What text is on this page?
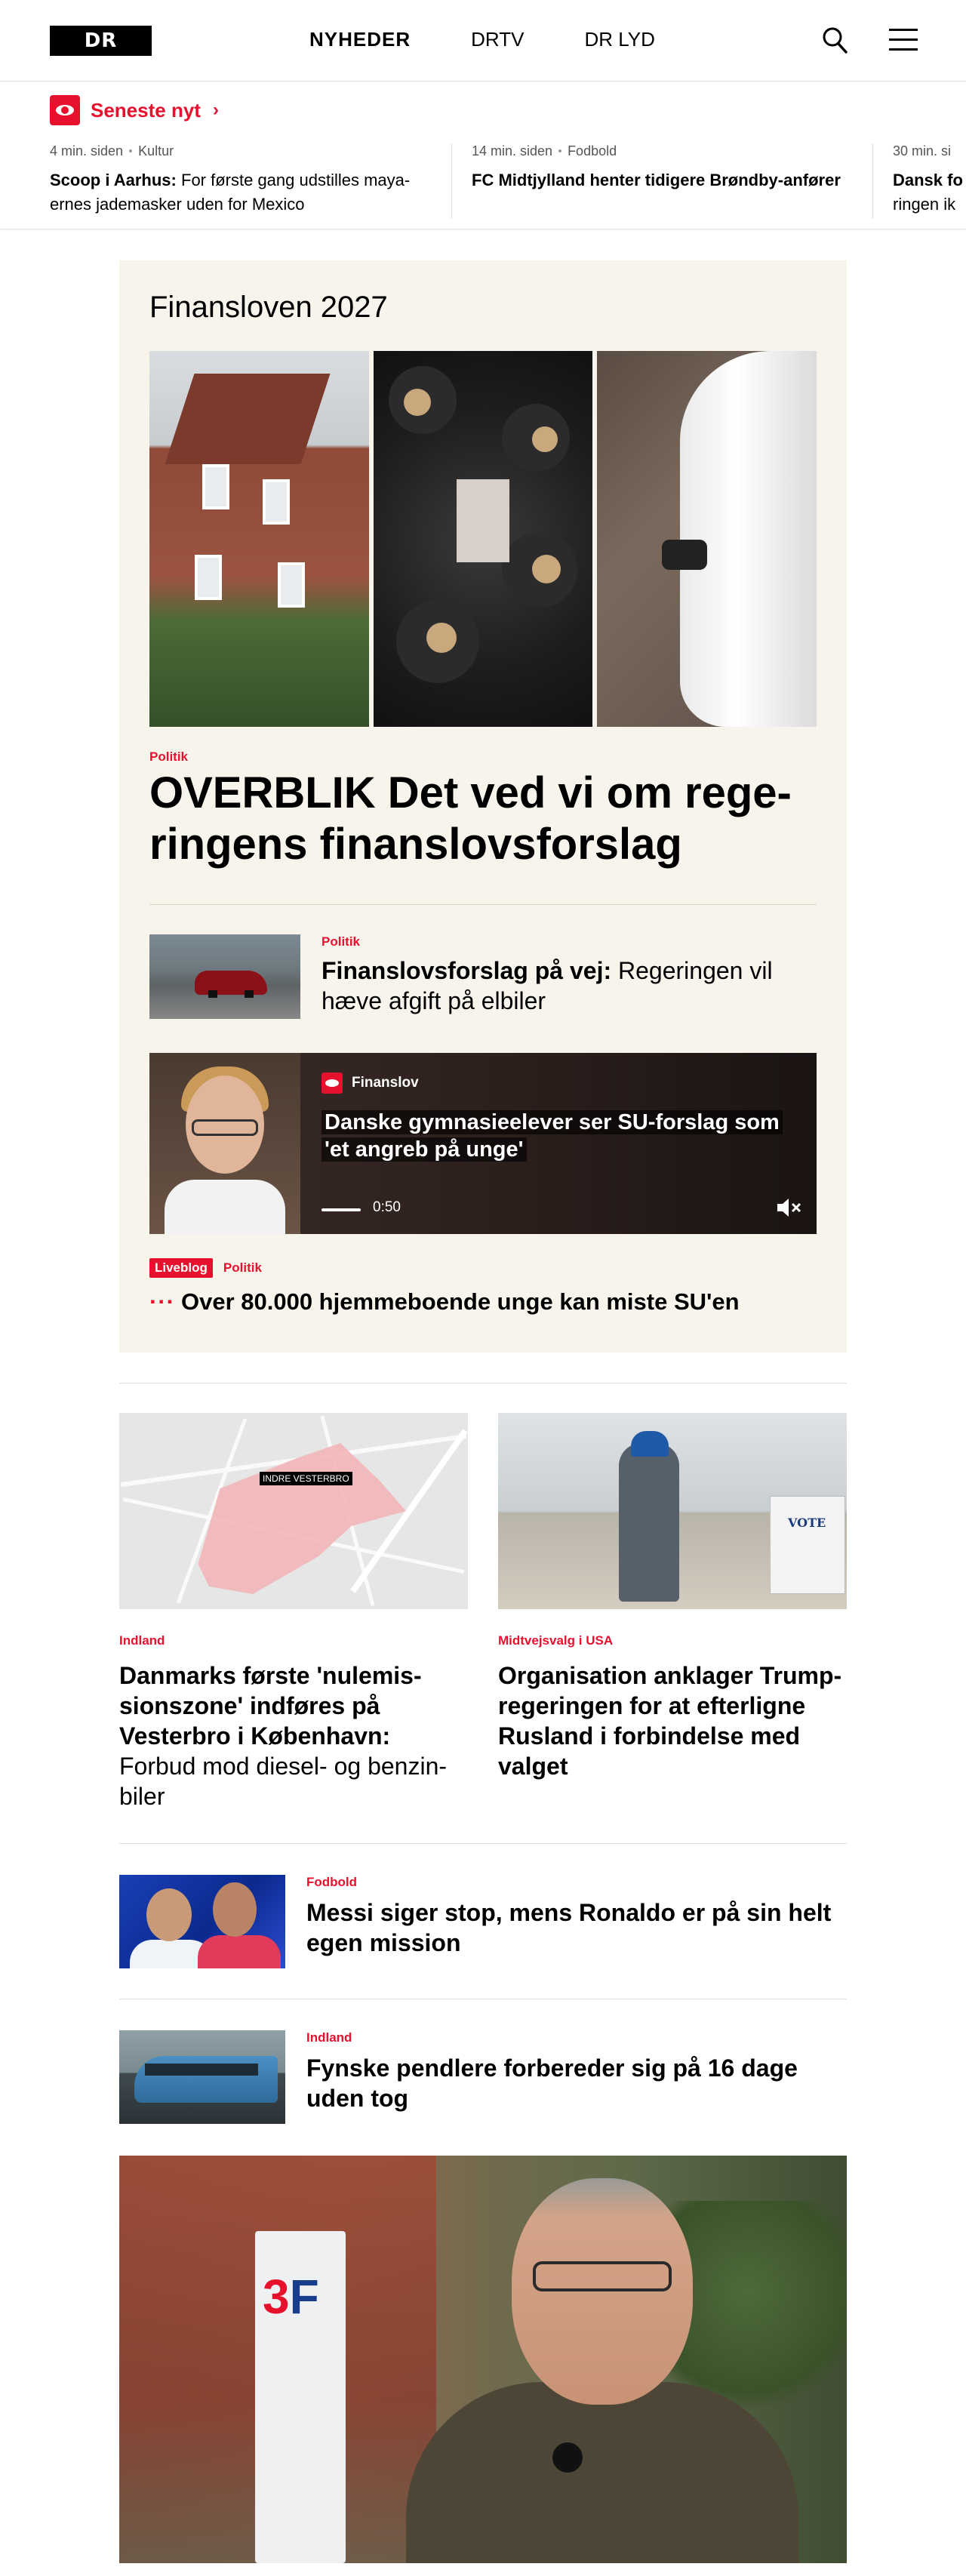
DR	NYHEDER	DRTV	DR LYD
Seneste nyt ›
4 min. siden Kultur
Scoop i Aarhus: For første gang udstilles maya-ernes jademasker uden for Mexico
14 min. siden Fodbold
FC Midtjylland henter tidigere Brøndby-anfører
30 min. si
Dansk fo
ringen ik
Finansloven 2027
Politik
OVERBLIK Det ved vi om rege-ringens finanslovsforslag
Politik
Finanslovsforslag på vej: Regeringen vil hæve afgift på elbiler
Finanslov
Danske gymnasieelever ser SU-forslag som 'et angreb på unge'
0:50
Liveblog	Politik
··· Over 80.000 hjemmeboende unge kan miste SU'en
INDRE VESTERBRO
Indland
Danmarks første 'nulemis-sionszone' indføres på Vesterbro i København: Forbud mod diesel- og benzin-biler
VOTE
Midtvejsvalg i USA
Organisation anklager Trump-regeringen for at efterligne Rusland i forbindelse med valget
Fodbold
Messi siger stop, mens Ronaldo er på sin helt egen mission
Indland
Fynske pendlere forbereder sig på 16 dage uden tog
3F
